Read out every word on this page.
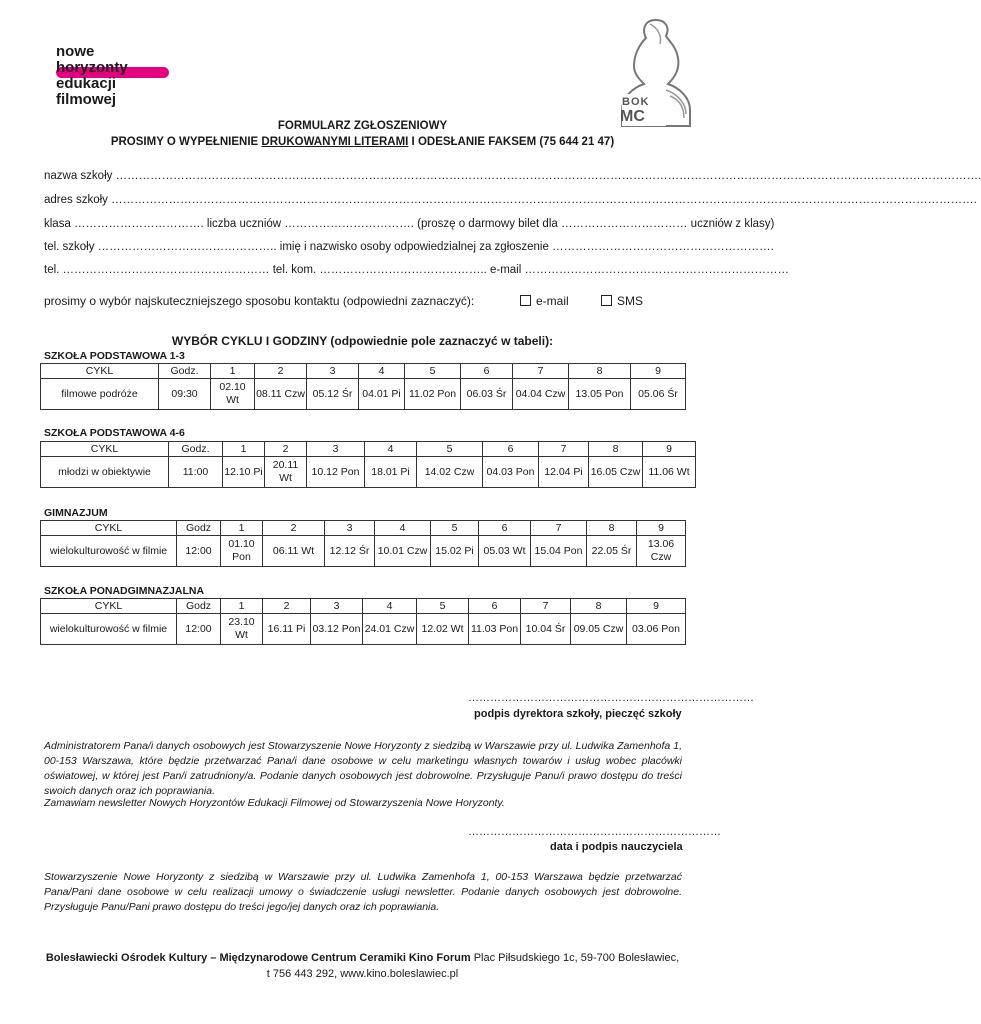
nowe
horyzonty
edukacji
filmowej	BOK
MC
FORMULARZ ZGŁOSZENIOWY
PROSIMY O WYPEŁNIENIE DRUKOWANYMI LITERAMI I ODESŁANIE FAKSEM (75 644 21 47)
nazwa szkoły ……………………………………………………………………………………………………………………………………………………………………………………………………….
adres szkoły ……………………………………………………………………………………………………………………………………………………………………………………………………….
klasa ……………………………. liczba uczniów ……………………………. (proszę o darmowy bilet dla …………………………… uczniów z klasy)
tel. szkoły ……………………………………….. imię i nazwisko osoby odpowiedzialnej za zgłoszenie ………………………………………………….
tel. ……………………………………………… tel. kom. …………………………………….. e-mail ……………………………………………………………
prosimy o wybór najskuteczniejszego sposobu kontaktu (odpowiedni zaznaczyć):	e-mail	SMS
WYBÓR CYKLU I GODZINY (odpowiednie pole zaznaczyć w tabeli):
SZKOŁA PODSTAWOWA 1-3
CYKL	Godz.	1	2	3	4	5	6	7	8	9
filmowe podróże	09:30	02.10 Wt	08.11 Czw	05.12 Śr	04.01 Pi	11.02 Pon	06.03 Śr	04.04 Czw	13.05 Pon	05.06 Śr
SZKOŁA PODSTAWOWA 4-6
CYKL	Godz.	1	2	3	4	5	6	7	8	9
młodzi w obiektywie	11:00	12.10 Pi	20.11 Wt	10.12 Pon	18.01 Pi	14.02 Czw	04.03 Pon	12.04 Pi	16.05 Czw	11.06 Wt
GIMNAZJUM
CYKL	Godz	1	2	3	4	5	6	7	8	9
wielokulturowość w filmie	12:00	01.10 Pon	06.11 Wt	12.12 Śr	10.01 Czw	15.02 Pi	05.03 Wt	15.04 Pon	22.05 Śr	13.06 Czw
SZKOŁA PONADGIMNAZJALNA
CYKL	Godz	1	2	3	4	5	6	7	8	9
wielokulturowość w filmie	12:00	23.10 Wt	16.11 Pi	03.12 Pon	24.01 Czw	12.02 Wt	11.03 Pon	10.04 Śr	09.05 Czw	03.06 Pon
……………………………………………………………………
podpis dyrektora szkoły, pieczęć szkoły
Administratorem Pana/i danych osobowych jest Stowarzyszenie Nowe Horyzonty z siedzibą w Warszawie przy ul. Ludwika Zamenhofa 1, 00-153 Warszawa, które będzie przetwarzać Pana/i dane osobowe w celu marketingu własnych towarów i usług wobec placówki oświatowej, w której jest Pan/i zatrudniony/a. Podanie danych osobowych jest dobrowolne. Przysługuje Panu/i prawo dostępu do treści swoich danych oraz ich poprawiania.
Zamawiam newsletter Nowych Horyzontów Edukacji Filmowej od Stowarzyszenia Nowe Horyzonty.
……………………………………………………………
data i podpis nauczyciela
Stowarzyszenie Nowe Horyzonty z siedzibą w Warszawie przy ul. Ludwika Zamenhofa 1, 00-153 Warszawa będzie przetwarzać Pana/Pani dane osobowe w celu realizacji umowy o świadczenie usługi newsletter. Podanie danych osobowych jest dobrowolne. Przysługuje Panu/Pani prawo dostępu do treści jego/jej danych oraz ich poprawiania.
Bolesławiecki Ośrodek Kultury – Międzynarodowe Centrum Ceramiki Kino Forum Plac Piłsudskiego 1c, 59-700 Bolesławiec,
t 756 443 292, www.kino.boleslawiec.pl
